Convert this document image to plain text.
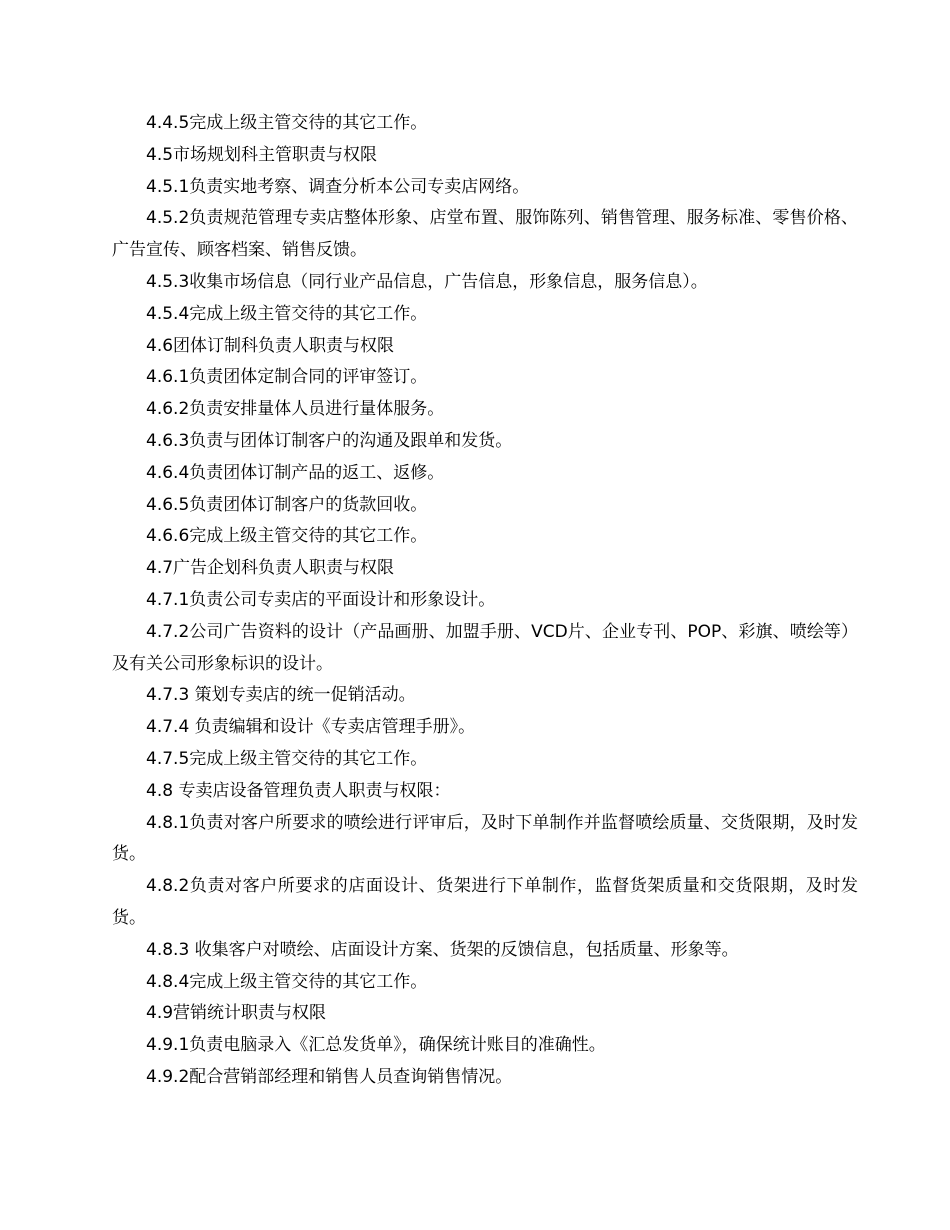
4.4.5完成上级主管交待的其它工作。

4.5市场规划科主管职责与权限

4.5.1负责实地考察、调查分析本公司专卖店网络。

4.5.2负责规范管理专卖店整体形象、店堂布置、服饰陈列、销售管理、服务标准、零售价格、广告宣传、顾客档案、销售反馈。

4.5.3收集市场信息（同行业产品信息，广告信息，形象信息，服务信息）。

4.5.4完成上级主管交待的其它工作。

4.6团体订制科负责人职责与权限

4.6.1负责团体定制合同的评审签订。

4.6.2负责安排量体人员进行量体服务。

4.6.3负责与团体订制客户的沟通及跟单和发货。

4.6.4负责团体订制产品的返工、返修。

4.6.5负责团体订制客户的货款回收。

4.6.6完成上级主管交待的其它工作。

4.7广告企划科负责人职责与权限

4.7.1负责公司专卖店的平面设计和形象设计。

4.7.2公司广告资料的设计（产品画册、加盟手册、VCD片、企业专刊、POP、彩旗、喷绘等）及有关公司形象标识的设计。

4.7.3 策划专卖店的统一促销活动。

4.7.4 负责编辑和设计《专卖店管理手册》。

4.7.5完成上级主管交待的其它工作。

4.8 专卖店设备管理负责人职责与权限：

4.8.1负责对客户所要求的喷绘进行评审后，及时下单制作并监督喷绘质量、交货限期，及时发货。

4.8.2负责对客户所要求的店面设计、货架进行下单制作，监督货架质量和交货限期，及时发货。

4.8.3 收集客户对喷绘、店面设计方案、货架的反馈信息，包括质量、形象等。

4.8.4完成上级主管交待的其它工作。

4.9营销统计职责与权限

4.9.1负责电脑录入《汇总发货单》，确保统计账目的准确性。

4.9.2配合营销部经理和销售人员查询销售情况。
